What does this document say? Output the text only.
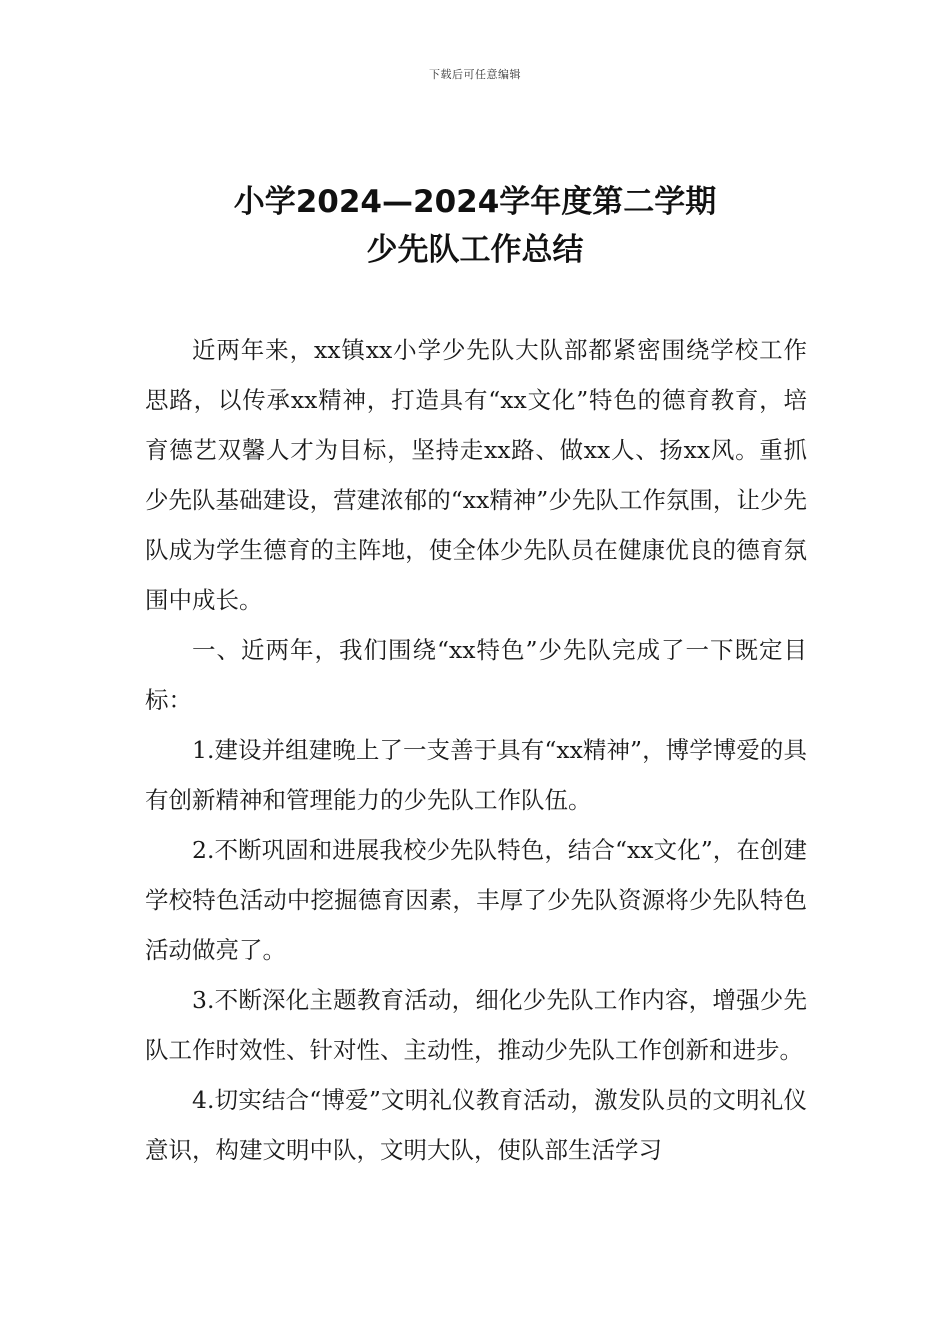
下载后可任意编辑
小学2024—2024学年度第二学期
少先队工作总结

近两年来，xx镇xx小学少先队大队部都紧密围绕学校工作思路，以传承xx精神，打造具有“xx文化”特色的德育教育，培育德艺双馨人才为目标，坚持走xx路、做xx人、扬xx风。重抓少先队基础建设，营建浓郁的“xx精神”少先队工作氛围，让少先队成为学生德育的主阵地，使全体少先队员在健康优良的德育氛围中成长。

一、近两年，我们围绕“xx特色”少先队完成了一下既定目标：

1.建设并组建晚上了一支善于具有“xx精神”，博学博爱的具有创新精神和管理能力的少先队工作队伍。

2.不断巩固和进展我校少先队特色，结合“xx文化”，在创建学校特色活动中挖掘德育因素，丰厚了少先队资源将少先队特色活动做亮了。

3.不断深化主题教育活动，细化少先队工作内容，增强少先队工作时效性、针对性、主动性，推动少先队工作创新和进步。

4.切实结合“博爱”文明礼仪教育活动，激发队员的文明礼仪意识，构建文明中队，文明大队，使队部生活学习
